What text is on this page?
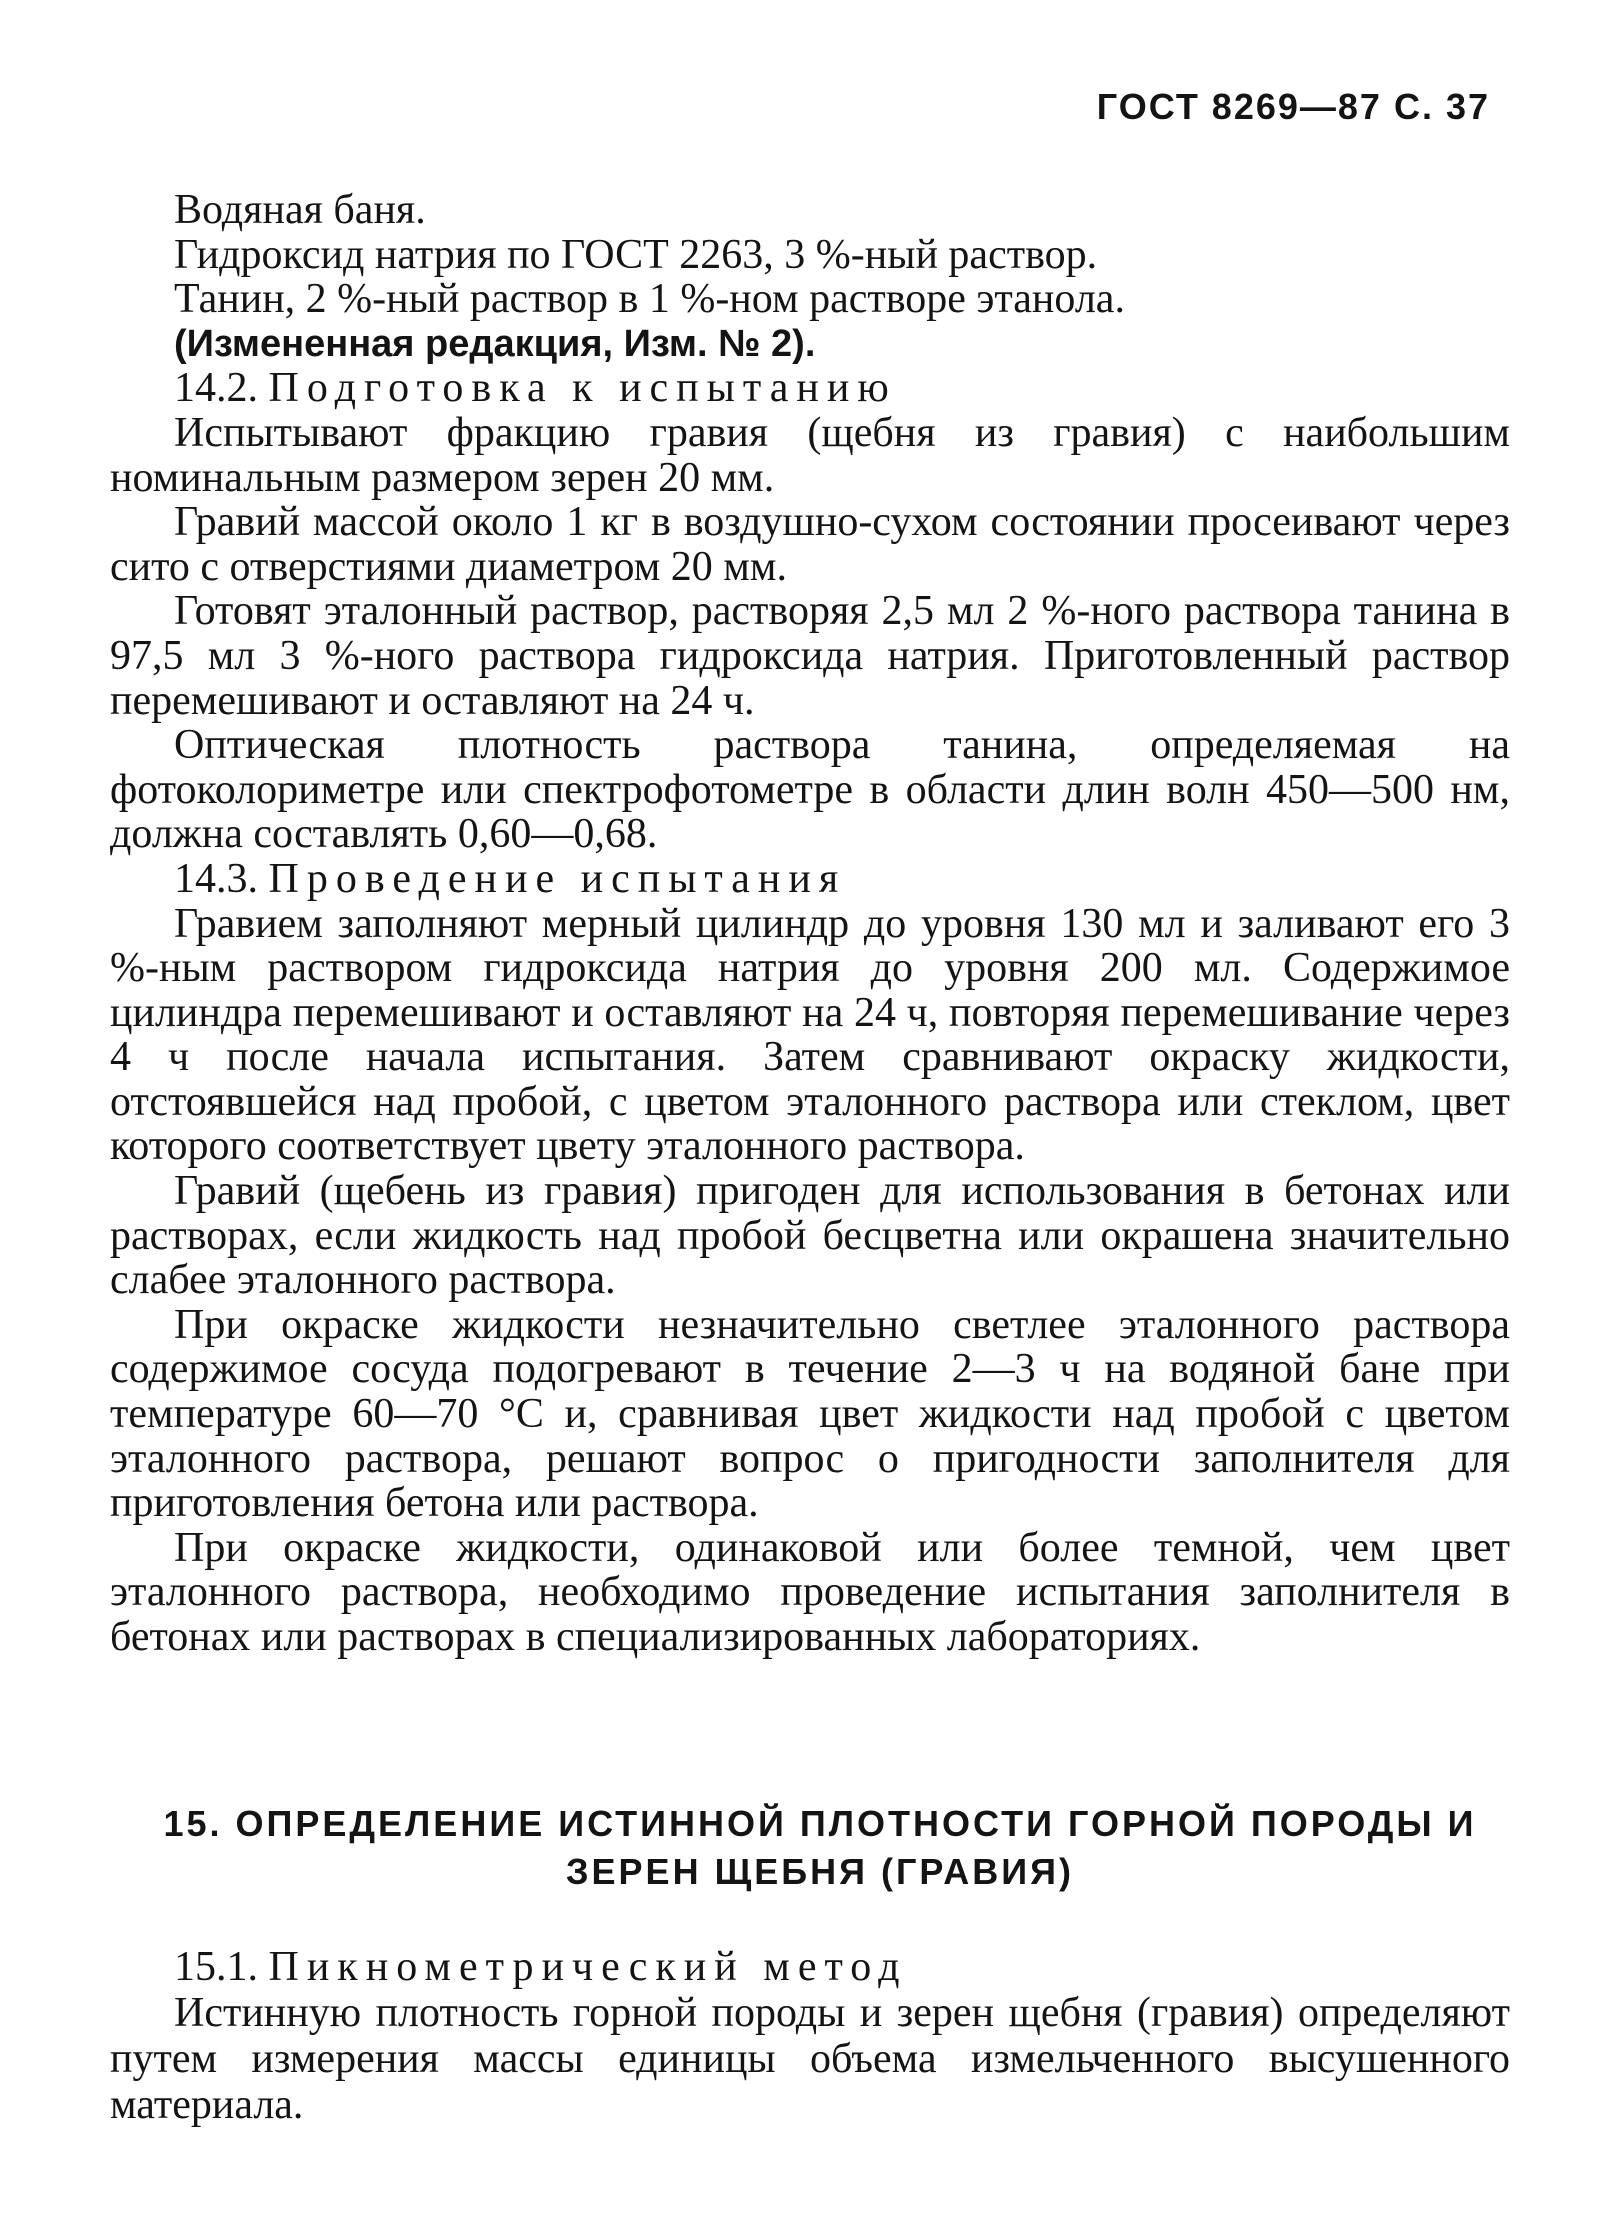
ГОСТ 8269—87 С. 37

Водяная баня.

Гидроксид натрия по ГОСТ 2263, 3 %-ный раствор.

Танин, 2 %-ный раствор в 1 %-ном растворе этанола.

(Измененная редакция, Изм. № 2).

14.2. Подготовка к испытанию

Испытывают фракцию гравия (щебня из гравия) с наибольшим номинальным размером зерен 20 мм.

Гравий массой около 1 кг в воздушно-сухом состоянии просеивают через сито с отверстиями диаметром 20 мм.

Готовят эталонный раствор, растворяя 2,5 мл 2 %-ного раствора танина в 97,5 мл 3 %-ного раствора гидроксида натрия. Приготовленный раствор перемешивают и оставляют на 24 ч.

Оптическая плотность раствора танина, определяемая на фотоколориметре или спектрофотометре в области длин волн 450—500 нм, должна составлять 0,60—0,68.

14.3. Проведение испытания

Гравием заполняют мерный цилиндр до уровня 130 мл и заливают его 3 %-ным раствором гидроксида натрия до уровня 200 мл. Содержимое цилиндра перемешивают и оставляют на 24 ч, повторяя перемешивание через 4 ч после начала испытания. Затем сравнивают окраску жидкости, отстоявшейся над пробой, с цветом эталонного раствора или стеклом, цвет которого соответствует цвету эталонного раствора.

Гравий (щебень из гравия) пригоден для использования в бетонах или растворах, если жидкость над пробой бесцветна или окрашена значительно слабее эталонного раствора.

При окраске жидкости незначительно светлее эталонного раствора содержимое сосуда подогревают в течение 2—3 ч на водяной бане при температуре 60—70 °С и, сравнивая цвет жидкости над пробой с цветом эталонного раствора, решают вопрос о пригодности заполнителя для приготовления бетона или раствора.

При окраске жидкости, одинаковой или более темной, чем цвет эталонного раствора, необходимо проведение испытания заполнителя в бетонах или растворах в специализированных лабораториях.

15. ОПРЕДЕЛЕНИЕ ИСТИННОЙ ПЛОТНОСТИ ГОРНОЙ ПОРОДЫ И
ЗЕРЕН ЩЕБНЯ (ГРАВИЯ)

15.1. Пикнометрический метод

Истинную плотность горной породы и зерен щебня (гравия) определяют путем измерения массы единицы объема измельченного высушенного материала.
